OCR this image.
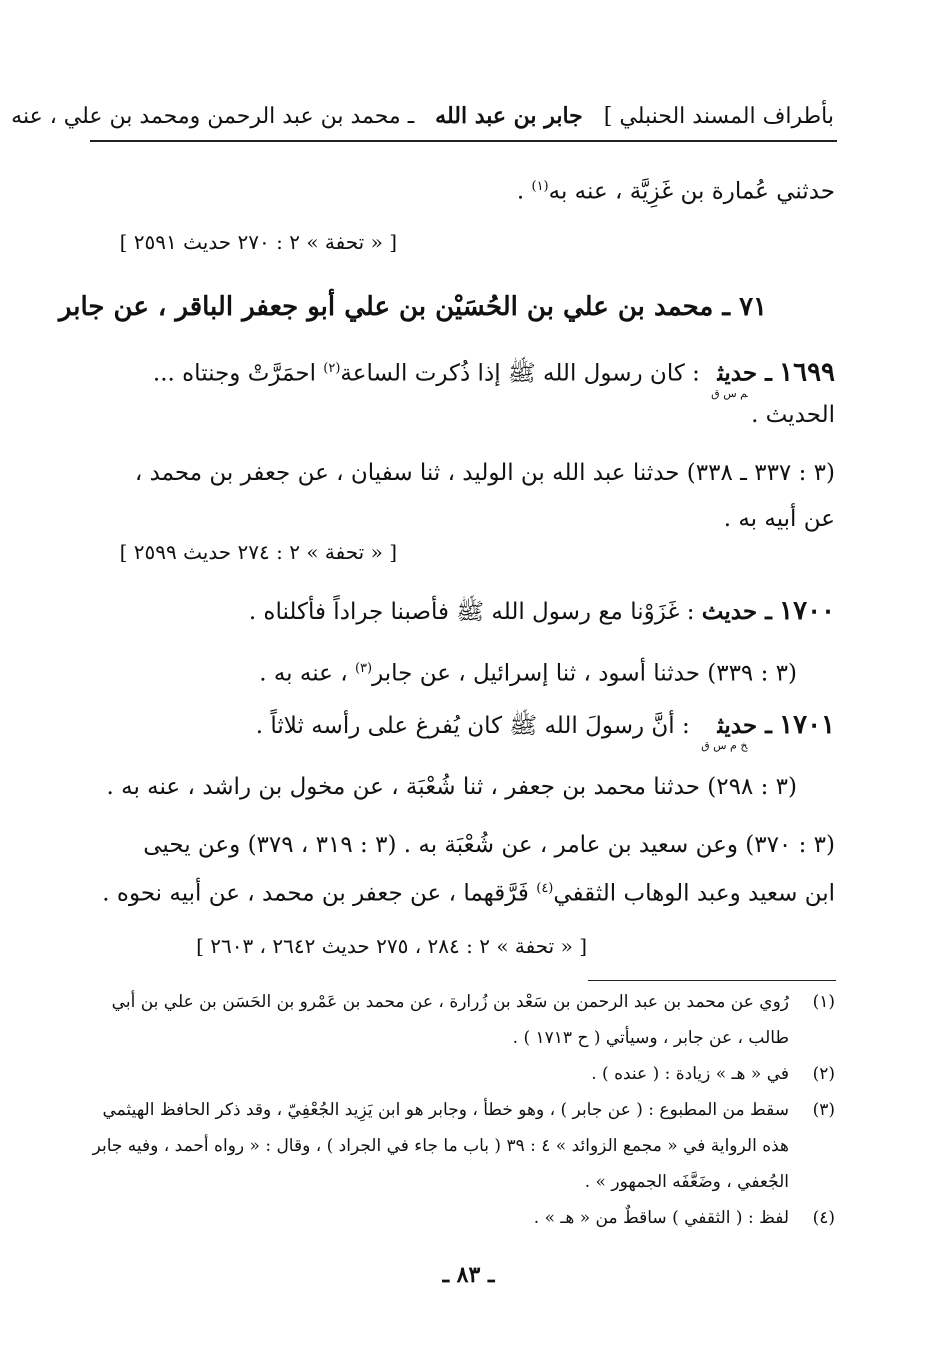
بأطراف المسند الحنبلي ] جابر بن عبد الله ـ محمد بن عبد الرحمن ومحمد بن علي ، عنه
حدثني عُمارة بن غَزِيَّة ، عنه به$^{(١)}$ .
[ « تحفة » ٢ : ٢٧٠ حديث ٢٥٩١ ]
٧١ ـ محمد بن علي بن الحُسَيْن بن علي أبو جعفر الباقر ، عن جابر
١٦٩٩ ـ حديث$_{م س ق}$ : كان رسول الله ﷺ إذا ذُكرت الساعة$^{(٢)}$ احمَرَّتْ وجنتاه ...
الحديث .
(٣ : ٣٣٧ ـ ٣٣٨) حدثنا عبد الله بن الوليد ، ثنا سفيان ، عن جعفر بن محمد ،
عن أبيه به .
[ « تحفة » ٢ : ٢٧٤ حديث ٢٥٩٩ ]
١٧٠٠ ـ حديث : غَزَوْنا مع رسول الله ﷺ فأصبنا جراداً فأكلناه .
(٣ : ٣٣٩) حدثنا أسود ، ثنا إسرائيل ، عن جابر$^{(٣)}$ ، عنه به .
١٧٠١ ـ حديث$_{خ م س ق}$ : أنَّ رسولَ الله ﷺ كان يُفرغ على رأسه ثلاثاً .
(٣ : ٢٩٨) حدثنا محمد بن جعفر ، ثنا شُعْبَة ، عن مخول بن راشد ، عنه به .
(٣ : ٣٧٠) وعن سعيد بن عامر ، عن شُعْبَة به . (٣ : ٣١٩ ، ٣٧٩) وعن يحيى
ابن سعيد وعبد الوهاب الثقفي$^{(٤)}$ فَرَّقهما ، عن جعفر بن محمد ، عن أبيه نحوه .
[ « تحفة » ٢ : ٢٨٤ ، ٢٧٥ حديث ٢٦٤٢ ، ٢٦٠٣ ]
(١)رُوي عن محمد بن عبد الرحمن بن سَعْد بن زُرارة ، عن محمد بن عَمْرو بن الحَسَن بن علي بن أبي
طالب ، عن جابر ، وسيأتي ( ح ١٧١٣ ) .
(٢)في « هـ » زيادة : ( عنده ) .
(٣)سقط من المطبوع : ( عن جابر ) ، وهو خطأ ، وجابر هو ابن يَزِيد الجُعْفِيّ ، وقد ذكر الحافظ الهيثمي
هذه الرواية في « مجمع الزوائد » ٤ : ٣٩ ( باب ما جاء في الجراد ) ، وقال : « رواه أحمد ، وفيه جابر
الجُعفي ، وضَعَّفَه الجمهور » .
(٤)لفظ : ( الثقفي ) ساقطٌ من « هـ » .
ـ ٨٣ ـ
